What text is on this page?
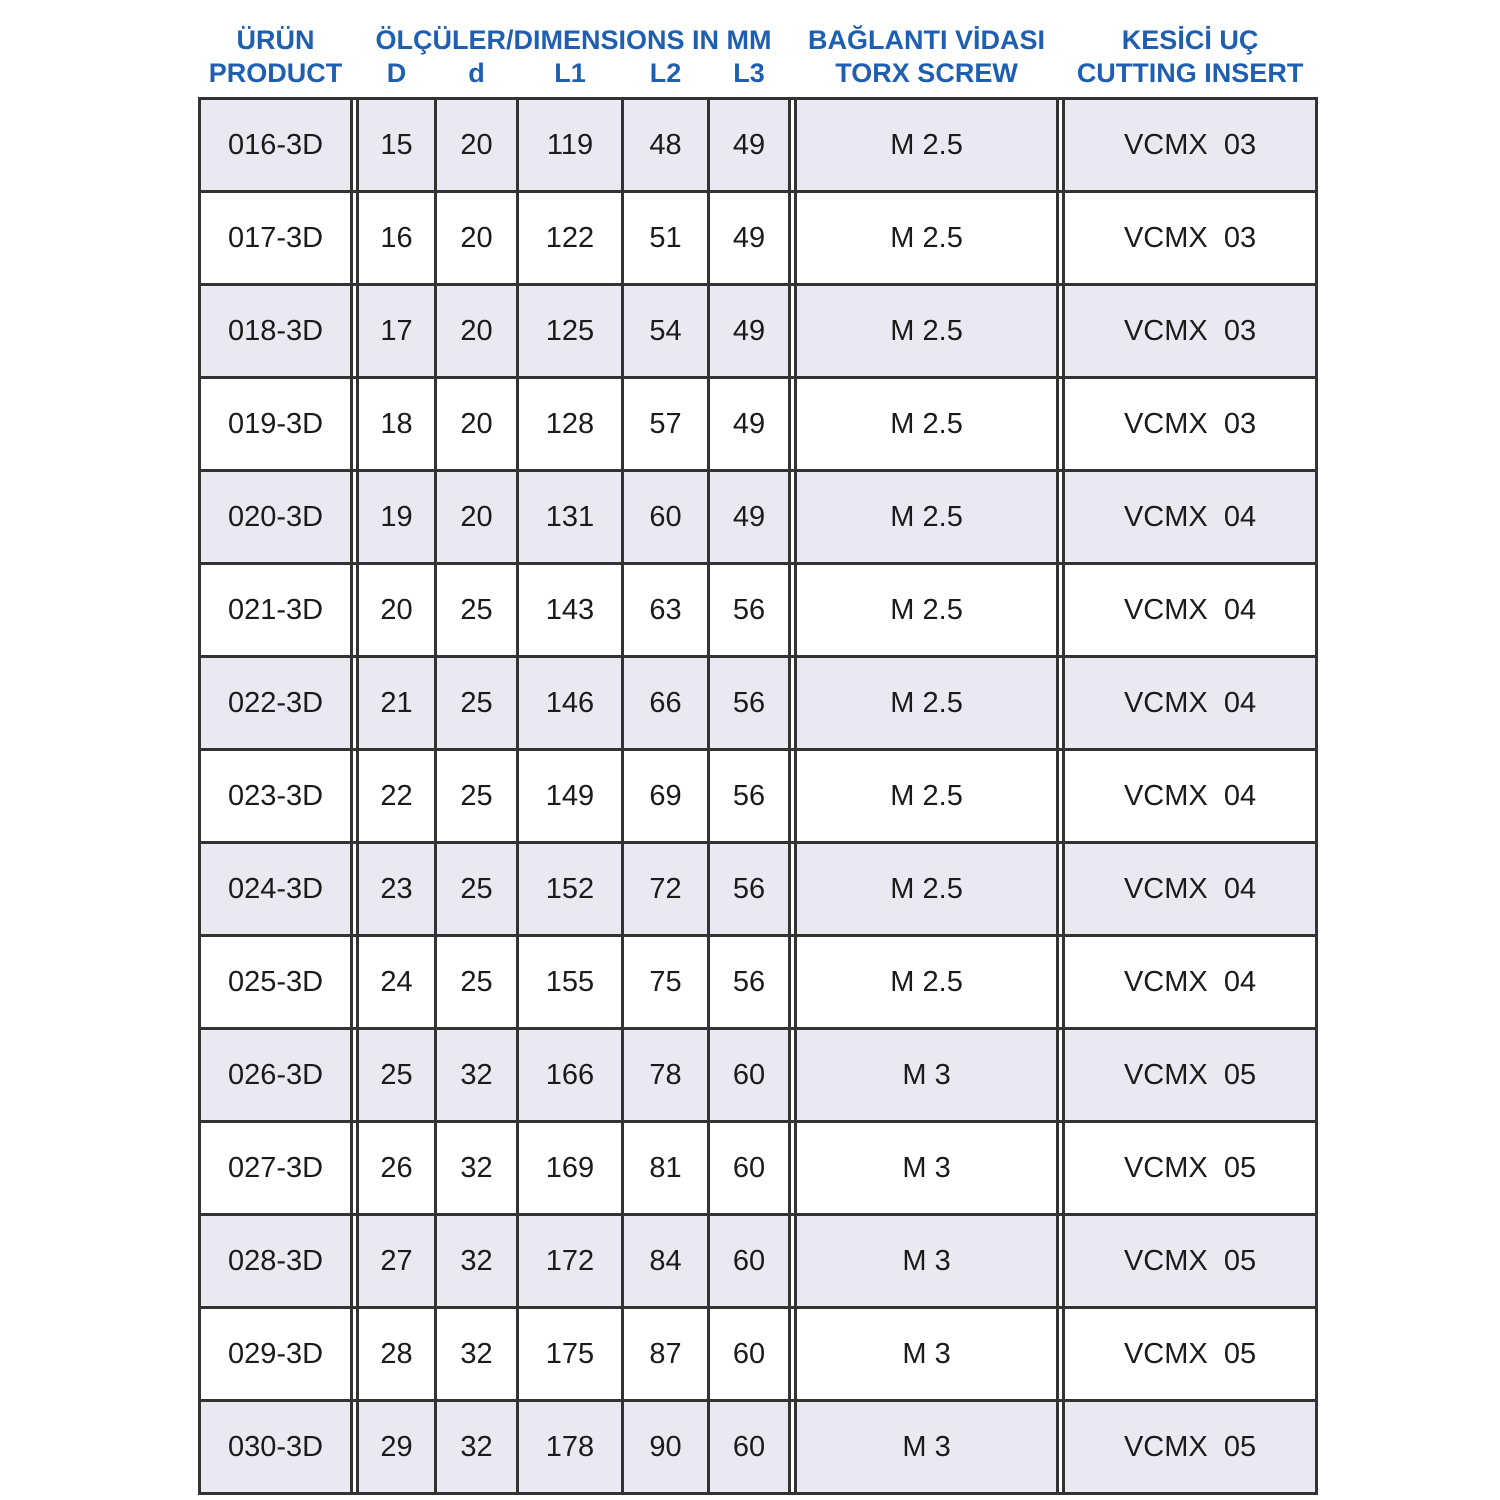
ÜRÜN		ÖLÇÜLER/DIMENSIONS IN MM						BAĞLANTI VİDASI		KESİCİ UÇ
PRODUCT		D	d	L1	L2	L3		TORX SCREW		CUTTING INSERT
016-3D		15	20	119	48	49		M 2.5		VCMX  03
017-3D		16	20	122	51	49		M 2.5		VCMX  03
018-3D		17	20	125	54	49		M 2.5		VCMX  03
019-3D		18	20	128	57	49		M 2.5		VCMX  03
020-3D		19	20	131	60	49		M 2.5		VCMX  04
021-3D		20	25	143	63	56		M 2.5		VCMX  04
022-3D		21	25	146	66	56		M 2.5		VCMX  04
023-3D		22	25	149	69	56		M 2.5		VCMX  04
024-3D		23	25	152	72	56		M 2.5		VCMX  04
025-3D		24	25	155	75	56		M 2.5		VCMX  04
026-3D		25	32	166	78	60		M 3		VCMX  05
027-3D		26	32	169	81	60		M 3		VCMX  05
028-3D		27	32	172	84	60		M 3		VCMX  05
029-3D		28	32	175	87	60		M 3		VCMX  05
030-3D		29	32	178	90	60		M 3		VCMX  05
